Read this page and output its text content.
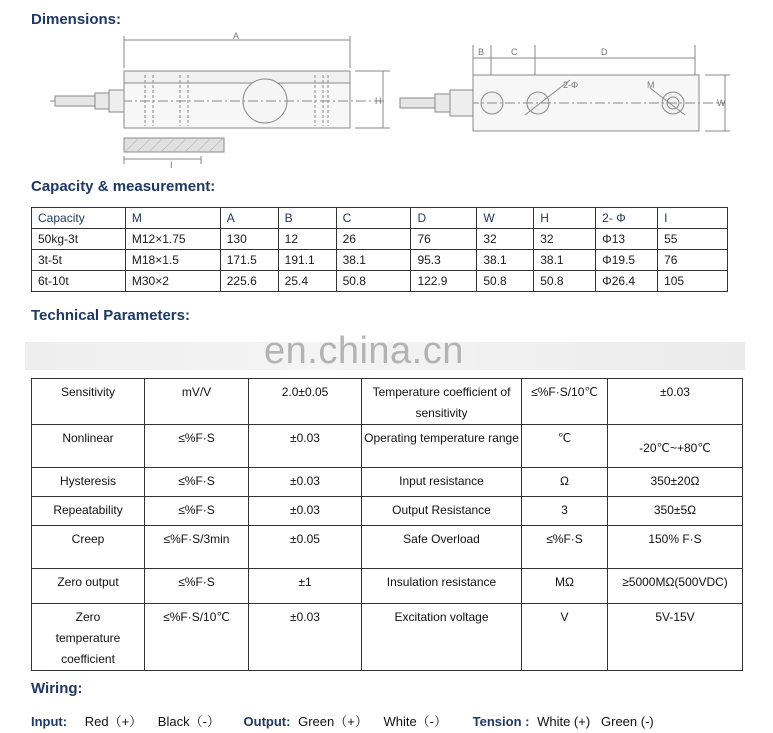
Dimensions:
A
H
I
B	C	D
2-Φ	M
W
Capacity & measurement:
Capacity	M	A	B	C	D	W	H	2- Φ	I
50kg-3t	M12×1.75	130	12	26	76	32	32	Φ13	55
3t-5t	M18×1.5	171.5	191.1	38.1	95.3	38.1	38.1	Φ19.5	76
6t-10t	M30×2	225.6	25.4	50.8	122.9	50.8	50.8	Φ26.4	105
Technical Parameters:
en.china.cn
Sensitivity	mV/V	2.0±0.05	Temperature coefficient of sensitivity	≤%F·S/10℃	±0.03
Nonlinear	≤%F·S	±0.03	Operating temperature range	℃	-20℃~+80℃
Hysteresis	≤%F·S	±0.03	Input resistance	Ω	350±20Ω
Repeatability	≤%F·S	±0.03	Output Resistance	3	350±5Ω
Creep	≤%F·S/3min	±0.05	Safe Overload	≤%F·S	150% F·S
Zero output	≤%F·S	±1	Insulation resistance	MΩ	≥5000MΩ(500VDC)
Zero temperature coefficient	≤%F·S/10℃	±0.03	Excitation voltage	V	5V-15V
Wiring:
Input: Red（+） Black（-） Output: Green（+） White（-） Tension : White (+)   Green (-)
